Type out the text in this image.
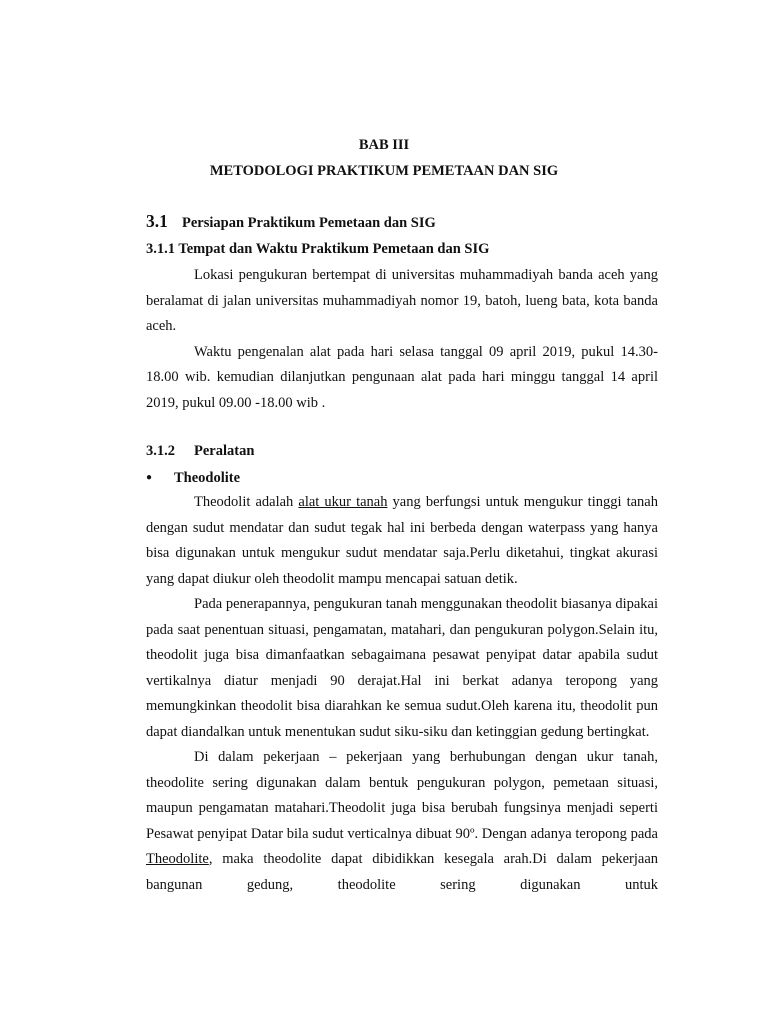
BAB III
METODOLOGI PRAKTIKUM PEMETAAN DAN SIG
3.1 Persiapan Praktikum Pemetaan dan SIG
3.1.1 Tempat dan Waktu Praktikum Pemetaan dan SIG

Lokasi pengukuran bertempat di universitas muhammadiyah banda aceh yang beralamat di jalan universitas muhammadiyah nomor 19, batoh, lueng bata, kota banda aceh.

Waktu pengenalan alat pada hari selasa tanggal 09 april 2019, pukul 14.30-18.00 wib. kemudian dilanjutkan pengunaan alat pada hari minggu tanggal 14 april 2019, pukul 09.00 -18.00 wib .

3.1.2 Peralatan
● Theodolite

Theodolit adalah alat ukur tanah yang berfungsi untuk mengukur tinggi tanah dengan sudut mendatar dan sudut tegak hal ini berbeda dengan waterpass yang hanya bisa digunakan untuk mengukur sudut mendatar saja.Perlu diketahui, tingkat akurasi yang dapat diukur oleh theodolit mampu mencapai satuan detik.

Pada penerapannya, pengukuran tanah menggunakan theodolit biasanya dipakai pada saat penentuan situasi, pengamatan, matahari, dan pengukuran polygon.Selain itu, theodolit juga bisa dimanfaatkan sebagaimana pesawat penyipat datar apabila sudut vertikalnya diatur menjadi 90 derajat.Hal ini berkat adanya teropong yang memungkinkan theodolit bisa diarahkan ke semua sudut.Oleh karena itu, theodolit pun dapat diandalkan untuk menentukan sudut siku-siku dan ketinggian gedung bertingkat.

Di dalam pekerjaan – pekerjaan yang berhubungan dengan ukur tanah, theodolite sering digunakan dalam bentuk pengukuran polygon, pemetaan situasi, maupun pengamatan matahari.Theodolit juga bisa berubah fungsinya menjadi seperti Pesawat penyipat Datar bila sudut verticalnya dibuat 90º. Dengan adanya teropong pada Theodolite, maka theodolite dapat dibidikkan kesegala arah.Di dalam pekerjaan bangunan gedung, theodolite sering digunakan untuk
